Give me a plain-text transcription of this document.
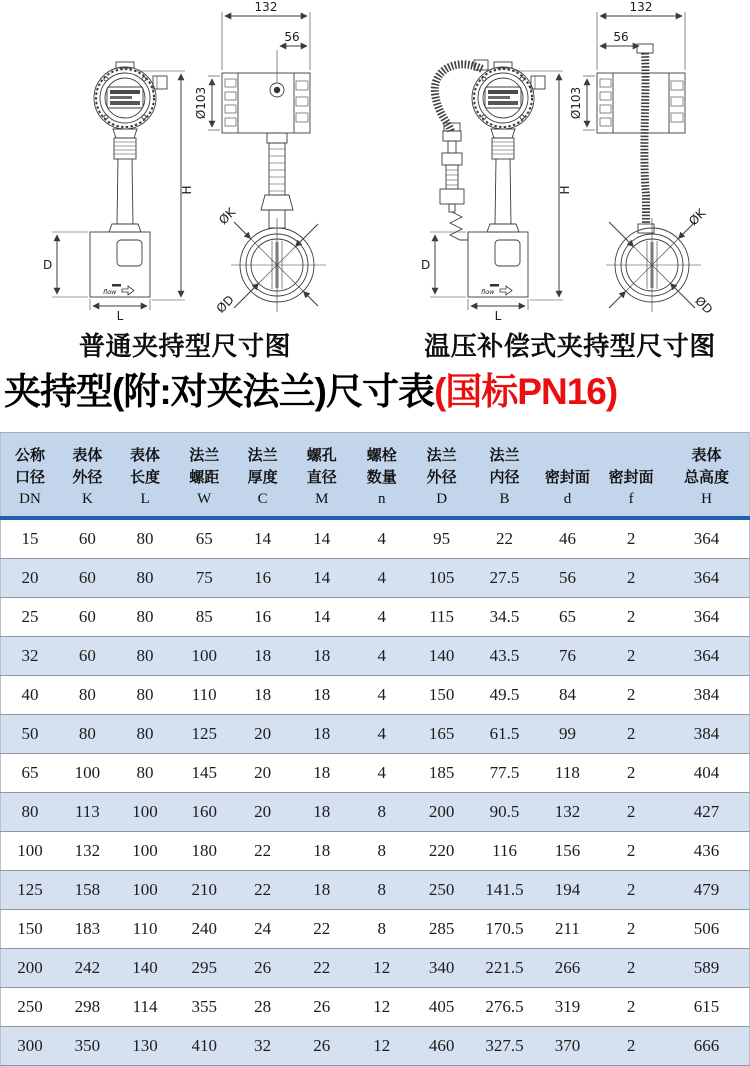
H
flow
D
L
132
56
Ø103
ØK
ØD
H
flow
D
L
132
56
Ø103
ØK
ØD
普通夹持型尺寸图	温压补偿式夹持型尺寸图
夹持型(附:对夹法兰)尺寸表(国标PN16)
公称
口径
DN

表体
外径
K

表体
长度
L

法兰
螺距
W

法兰
厚度
C

螺孔
直径
M

螺栓
数量
n

法兰
外径
D

法兰
内径
B

密封面
d

密封面
f

表体
总高度
H

15	60	80	65	14	14	4	95	22	46	2	364
20	60	80	75	16	14	4	105	27.5	56	2	364
25	60	80	85	16	14	4	115	34.5	65	2	364
32	60	80	100	18	18	4	140	43.5	76	2	364
40	80	80	110	18	18	4	150	49.5	84	2	384
50	80	80	125	20	18	4	165	61.5	99	2	384
65	100	80	145	20	18	4	185	77.5	118	2	404
80	113	100	160	20	18	8	200	90.5	132	2	427
100	132	100	180	22	18	8	220	116	156	2	436
125	158	100	210	22	18	8	250	141.5	194	2	479
150	183	110	240	24	22	8	285	170.5	211	2	506
200	242	140	295	26	22	12	340	221.5	266	2	589
250	298	114	355	28	26	12	405	276.5	319	2	615
300	350	130	410	32	26	12	460	327.5	370	2	666
